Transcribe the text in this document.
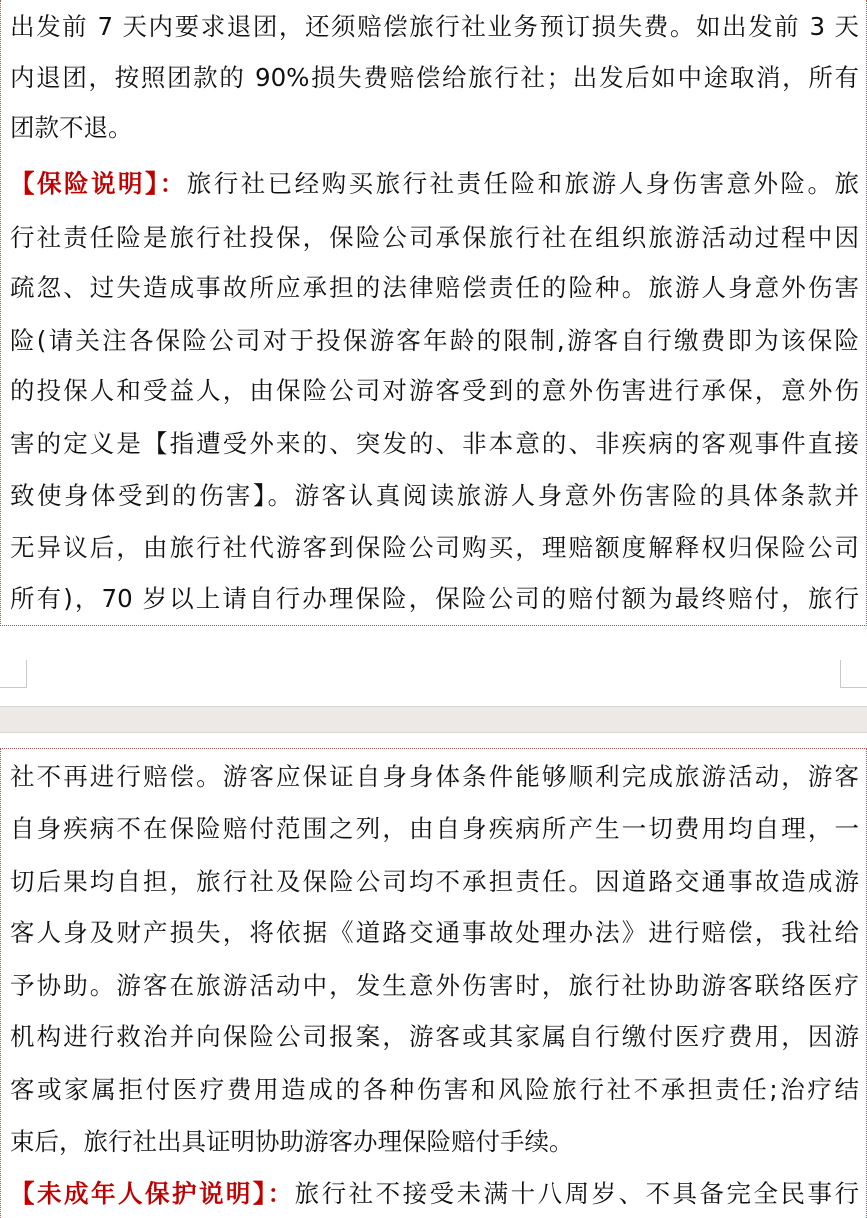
出发前 7 天内要求退团，还须赔偿旅行社业务预订损失费。如出发前 3 天
内退团，按照团款的 90%损失费赔偿给旅行社；出发后如中途取消，所有
团款不退。
【保险说明】：旅行社已经购买旅行社责任险和旅游人身伤害意外险。旅
行社责任险是旅行社投保，保险公司承保旅行社在组织旅游活动过程中因
疏忽、过失造成事故所应承担的法律赔偿责任的险种。旅游人身意外伤害
险(请关注各保险公司对于投保游客年龄的限制,游客自行缴费即为该保险
的投保人和受益人，由保险公司对游客受到的意外伤害进行承保，意外伤
害的定义是【指遭受外来的、突发的、非本意的、非疾病的客观事件直接
致使身体受到的伤害】。游客认真阅读旅游人身意外伤害险的具体条款并
无异议后，由旅行社代游客到保险公司购买，理赔额度解释权归保险公司
所有)，70 岁以上请自行办理保险，保险公司的赔付额为最终赔付，旅行
社不再进行赔偿。游客应保证自身身体条件能够顺利完成旅游活动，游客
自身疾病不在保险赔付范围之列，由自身疾病所产生一切费用均自理，一
切后果均自担，旅行社及保险公司均不承担责任。因道路交通事故造成游
客人身及财产损失，将依据《道路交通事故处理办法》进行赔偿，我社给
予协助。游客在旅游活动中，发生意外伤害时，旅行社协助游客联络医疗
机构进行救治并向保险公司报案，游客或其家属自行缴付医疗费用，因游
客或家属拒付医疗费用造成的各种伤害和风险旅行社不承担责任;治疗结
束后，旅行社出具证明协助游客办理保险赔付手续。
【未成年人保护说明】：旅行社不接受未满十八周岁、不具备完全民事行
